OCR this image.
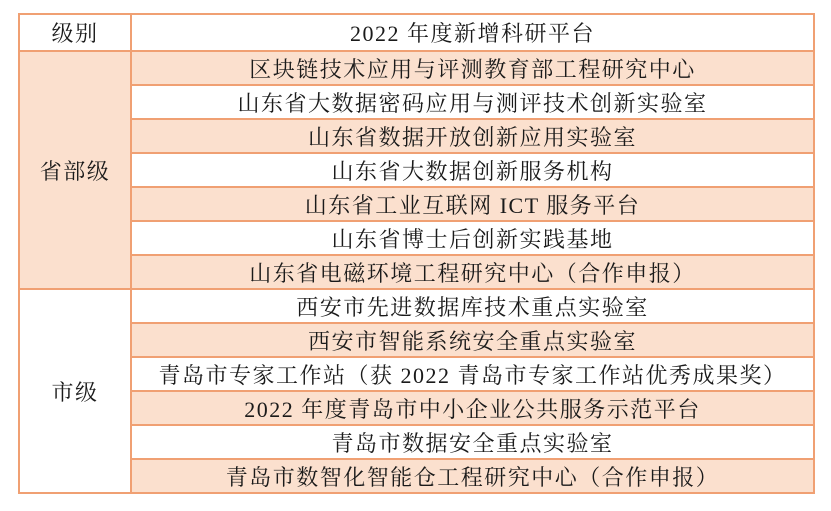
级别	2022 年度新增科研平台
省部级	区块链技术应用与评测教育部工程研究中心
	山东省大数据密码应用与测评技术创新实验室
	山东省数据开放创新应用实验室
	山东省大数据创新服务机构
	山东省工业互联网 ICT 服务平台
	山东省博士后创新实践基地
	山东省电磁环境工程研究中心（合作申报）
市级	西安市先进数据库技术重点实验室
	西安市智能系统安全重点实验室
	青岛市专家工作站（获 2022 青岛市专家工作站优秀成果奖）
	2022 年度青岛市中小企业公共服务示范平台
	青岛市数据安全重点实验室
	青岛市数智化智能仓工程研究中心（合作申报）
